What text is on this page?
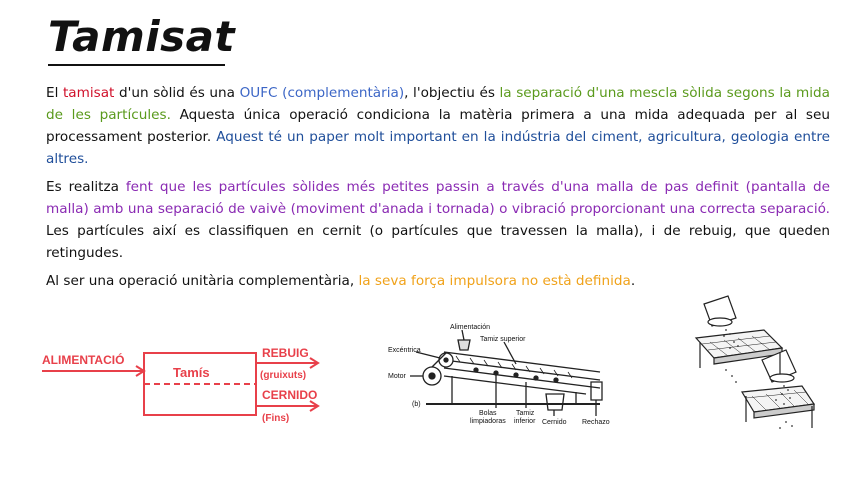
Tamisat

El tamisat d'un sòlid és una OUFC (complementària), l'objectiu és la separació d'una mescla sòlida segons la mida de les partícules. Aquesta única operació condiciona la matèria primera a una mida adequada per al seu processament posterior. Aquest té un paper molt important en la indústria del ciment, agricultura, geologia entre altres.

Es realitza fent que les partícules sòlides més petites passin a través d'una malla de pas definit (pantalla de malla) amb una separació de vaivè (moviment d'anada i tornada) o vibració proporcionant una correcta separació. Les partícules així es classifiquen en cernit (o partícules que travessen la malla), i de rebuig, que queden retingudes.

Al ser una operació unitària complementària, la seva força impulsora no està definida.

ALIMENTACIÓ
Tamís
REBUIG
(gruixuts)
CERNIDO
(Fins)
Alimentación
Tamiz superior
Excéntrica
Motor
(b)
Bolas
limpiadoras
Tamiz
inferior Cernido Rechazo
